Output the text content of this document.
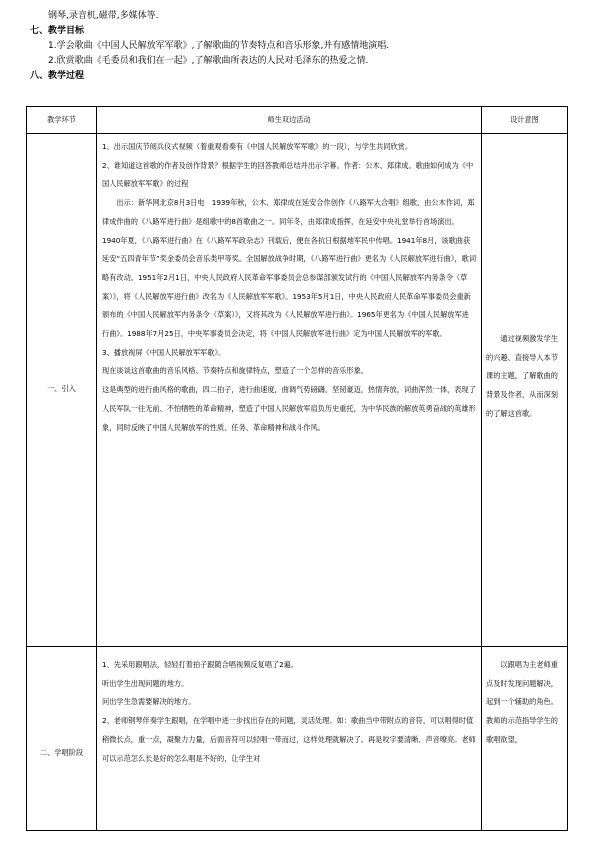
钢琴,录音机,磁带,多媒体等.
七、教学目标
1.学会歌曲《中国人民解放军军歌》,了解歌曲的节奏特点和音乐形象,并有感情地演唱.
2.欣赏歌曲《毛委员和我们在一起》,了解歌曲所表达的人民对毛泽东的热爱之情.
八、教学过程
教学环节	师生双边活动	设计意图
一、引入

1、出示国庆节阅兵仪式视频（着重观看奏有《中国人民解放军军歌》的一段），与学生共同欣赏。

2、谁知道这首歌的作者及创作背景？根据学生的回答教师总结并出示字幕。作者：公木、郑律成。歌曲如何成为《中国人民解放军军歌》的过程

出示：新华网北京8月3日电　1939年秋，公木、郑律成在延安合作创作《八路军大合唱》组歌，由公木作词，郑律成作曲的《八路军进行曲》是组歌中的8首歌曲之一。同年冬，由郑律成指挥，在延安中央礼堂举行首场演出。1940年夏，《八路军进行曲》在《八路军军政杂志》刊载后，便在各抗日根据地军民中传唱。1941年8月，该歌曲获延安“五四青年节”奖金委员会音乐类甲等奖。全国解放战争时期，《八路军进行曲》更名为《人民解放军进行曲》，歌词略有改动。1951年2月1日，中央人民政府人民革命军事委员会总参谋部颁发试行的《中国人民解放军内务条令（草案）》，将《人民解放军进行曲》改名为《人民解放军军歌》。1953年5月1日，中央人民政府人民革命军事委员会重新颁布的《中国人民解放军内务条令（草案）》，又将其改为《人民解放军进行曲》。1965年更名为《中国人民解放军进行曲》。1988年7月25日，中央军事委员会决定，将《中国人民解放军进行曲》定为中国人民解放军的军歌。

3、播放视屏《中国人民解放军军歌》。

现在谈谈这首歌曲的音乐风格、节奏特点和旋律特点，塑造了一个怎样的音乐形象。

这是典型的进行曲风格的歌曲，四二拍子，进行曲速度，曲调气势磅礴，坚韧豪迈，热情奔放，词曲浑然一体，表现了人民军队一往无前、不怕牺牲的革命精神，塑造了中国人民解放军肩负历史重托，为中华民族的解放英勇奋战的英雄形象，同时反映了中国人民解放军的性质、任务、革命精神和战斗作风。

通过视频激发学生的兴趣、直接导入本节课的主题，了解歌曲的背景及作者，从而深刻的了解这首歌。
二、学唱阶段

1、先采用跟唱法，轻轻打着拍子跟随合唱视频反复唱了2遍。

听出学生出现问题的地方。

问出学生急需要解决的地方。

2、老师钢琴伴奏学生跟唱，在学唱中进一步找出存在的问题，灵活处理。如：歌曲当中带附点的音符，可以唱得时值稍微长点，重一点，凝聚力力量，后面音符可以轻唱一带而过，这样处理就解决了。再是咬字要清晰、声音嘹亮。老师可以示范怎么长是好的怎么唱是不好的，让学生对

以跟唱为主老师重点及时发现问题解决，起到一个辅助的角色。教师的示范指导学生的歌唱欲望，
